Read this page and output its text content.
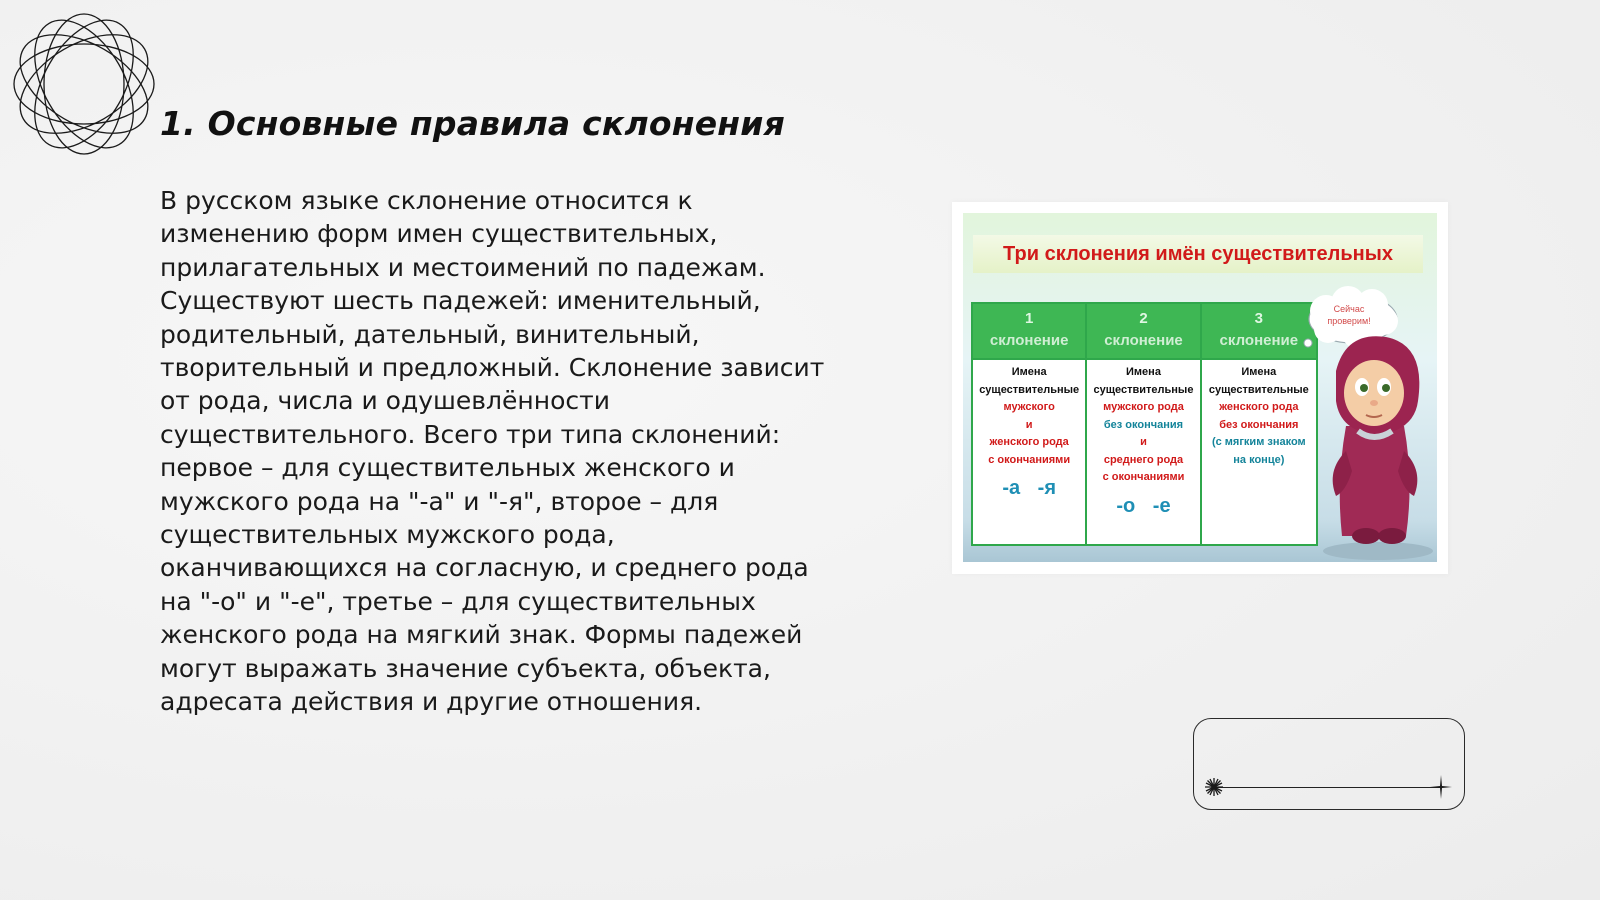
1. Основные правила склонения
В русском языке склонение относится к изменению форм имен существительных, прилагательных и местоимений по падежам. Существуют шесть падежей: именительный, родительный, дательный, винительный, творительный и предложный. Склонение зависит от рода, числа и одушевлённости существительного. Всего три типа склонений: первое – для существительных женского и мужского рода на "-а" и "-я", второе – для существительных мужского рода, оканчивающихся на согласную, и среднего рода на "-о" и "-е", третье – для существительных женского рода на мягкий знак. Формы падежей могут выражать значение субъекта, объекта, адресата действия и другие отношения.
Три склонения имён существительных
1
склонение
Имена
существительные
мужского
и
женского рода
с окончаниями
-а -я
2
склонение
Имена
существительные
мужского рода
без окончания
и
среднего рода
с окончаниями
-о -е
3
склонение
Имена
существительные
женского рода
без окончания
(с мягким знаком
на конце)
Сейчас
проверим!
